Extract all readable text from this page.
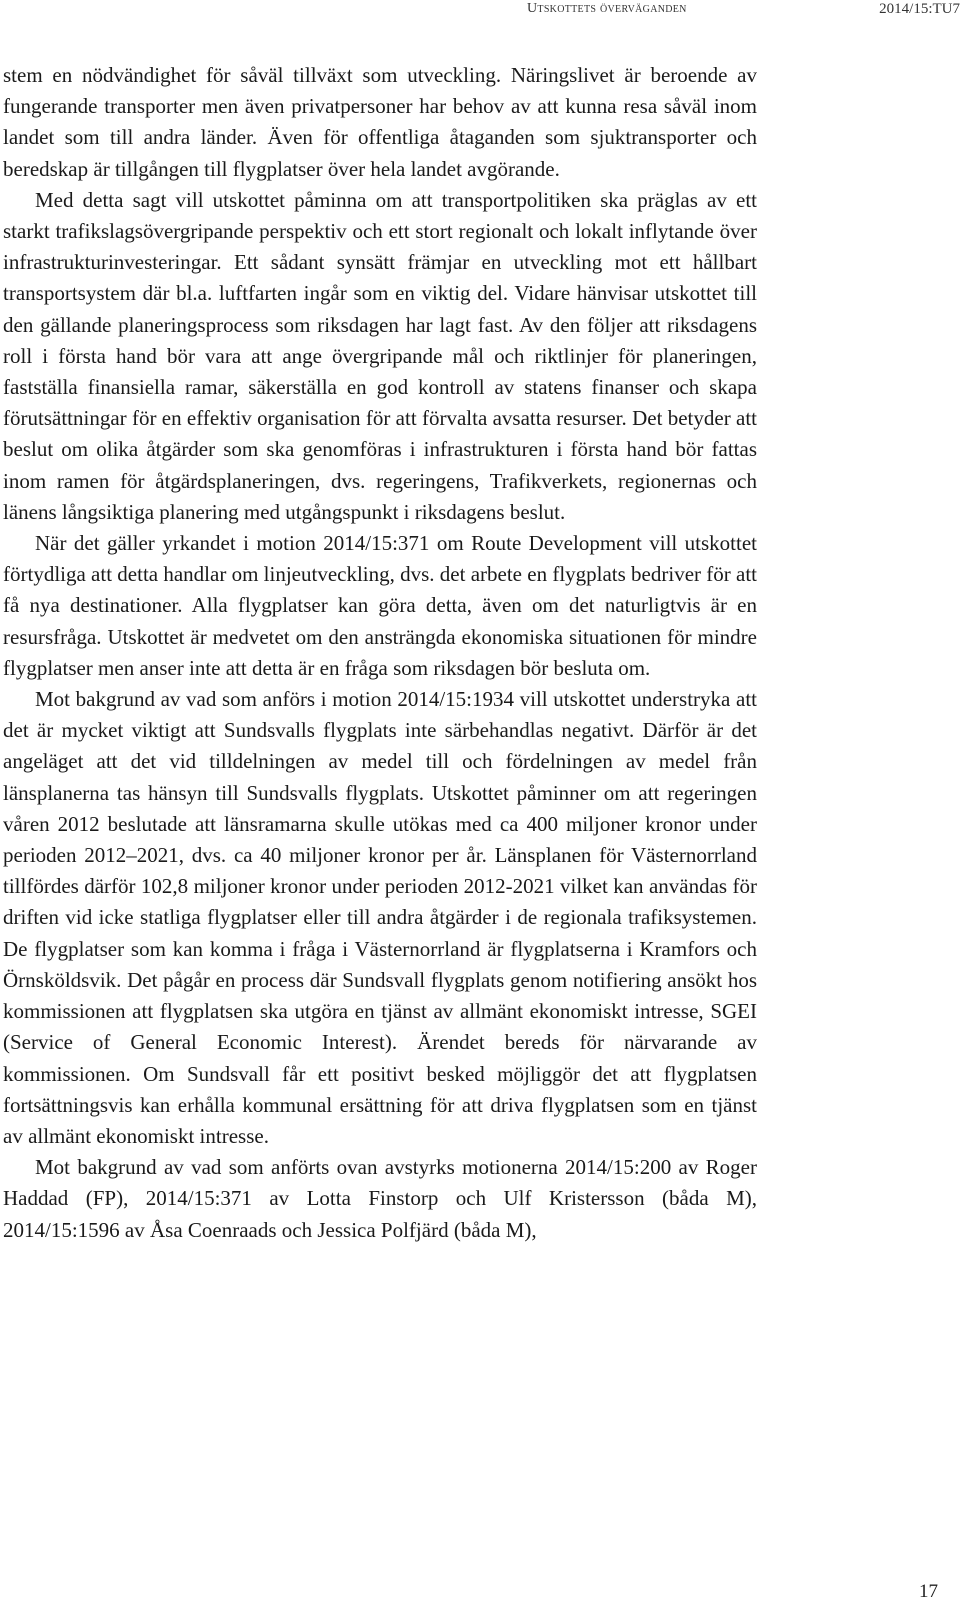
Utskottets överväganden	2014/15:TU7

stem en nödvändighet för såväl tillväxt som utveckling. Näringslivet är beroende av fungerande transporter men även privatpersoner har behov av att kunna resa såväl inom landet som till andra länder. Även för offentliga åtaganden som sjuktransporter och beredskap är tillgången till flygplatser över hela landet avgörande.

Med detta sagt vill utskottet påminna om att transportpolitiken ska präglas av ett starkt trafikslagsövergripande perspektiv och ett stort regionalt och lokalt inflytande över infrastrukturinvesteringar. Ett sådant synsätt främjar en utveckling mot ett hållbart transportsystem där bl.a. luftfarten ingår som en viktig del. Vidare hänvisar utskottet till den gällande planeringsprocess som riksdagen har lagt fast. Av den följer att riksdagens roll i första hand bör vara att ange övergripande mål och riktlinjer för planeringen, fastställa finansiella ramar, säkerställa en god kontroll av statens finanser och skapa förutsättningar för en effektiv organisation för att förvalta avsatta resurser. Det betyder att beslut om olika åtgärder som ska genomföras i infrastrukturen i första hand bör fattas inom ramen för åtgärdsplaneringen, dvs. regeringens, Trafikverkets, regionernas och länens långsiktiga planering med utgångspunkt i riksdagens beslut.

När det gäller yrkandet i motion 2014/15:371 om Route Development vill utskottet förtydliga att detta handlar om linjeutveckling, dvs. det arbete en flygplats bedriver för att få nya destinationer. Alla flygplatser kan göra detta, även om det naturligtvis är en resursfråga. Utskottet är medvetet om den ansträngda ekonomiska situationen för mindre flygplatser men anser inte att detta är en fråga som riksdagen bör besluta om.

Mot bakgrund av vad som anförs i motion 2014/15:1934 vill utskottet understryka att det är mycket viktigt att Sundsvalls flygplats inte särbehandlas negativt. Därför är det angeläget att det vid tilldelningen av medel till och fördelningen av medel från länsplanerna tas hänsyn till Sundsvalls flygplats. Utskottet påminner om att regeringen våren 2012 beslutade att länsramarna skulle utökas med ca 400 miljoner kronor under perioden 2012–2021, dvs. ca 40 miljoner kronor per år. Länsplanen för Västernorrland tillfördes därför 102,8 miljoner kronor under perioden 2012-2021 vilket kan användas för driften vid icke statliga flygplatser eller till andra åtgärder i de regionala trafiksystemen. De flygplatser som kan komma i fråga i Västernorrland är flygplatserna i Kramfors och Örnsköldsvik. Det pågår en process där Sundsvall flygplats genom notifiering ansökt hos kommissionen att flygplatsen ska utgöra en tjänst av allmänt ekonomiskt intresse, SGEI (Service of General Economic Interest). Ärendet bereds för närvarande av kommissionen. Om Sundsvall får ett positivt besked möjliggör det att flygplatsen fortsättningsvis kan erhålla kommunal ersättning för att driva flygplatsen som en tjänst av allmänt ekonomiskt intresse.

Mot bakgrund av vad som anförts ovan avstyrks motionerna 2014/15:200 av Roger Haddad (FP), 2014/15:371 av Lotta Finstorp och Ulf Kristersson (båda M), 2014/15:1596 av Åsa Coenraads och Jessica Polfjärd (båda M),

17
